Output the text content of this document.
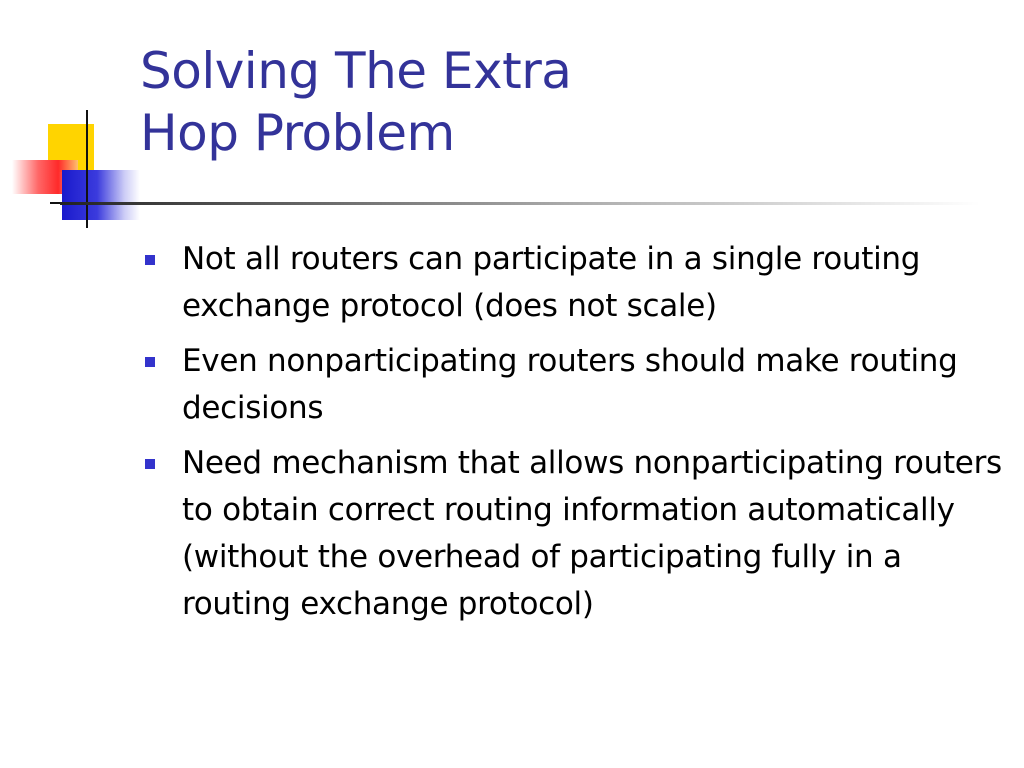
Solving The Extra
Hop Problem
Not all routers can participate in a single routing exchange protocol (does not scale)
Even nonparticipating routers should make routing decisions
Need mechanism that allows nonparticipating routers to obtain correct routing information automatically (without the overhead of participating fully in a routing exchange protocol)
